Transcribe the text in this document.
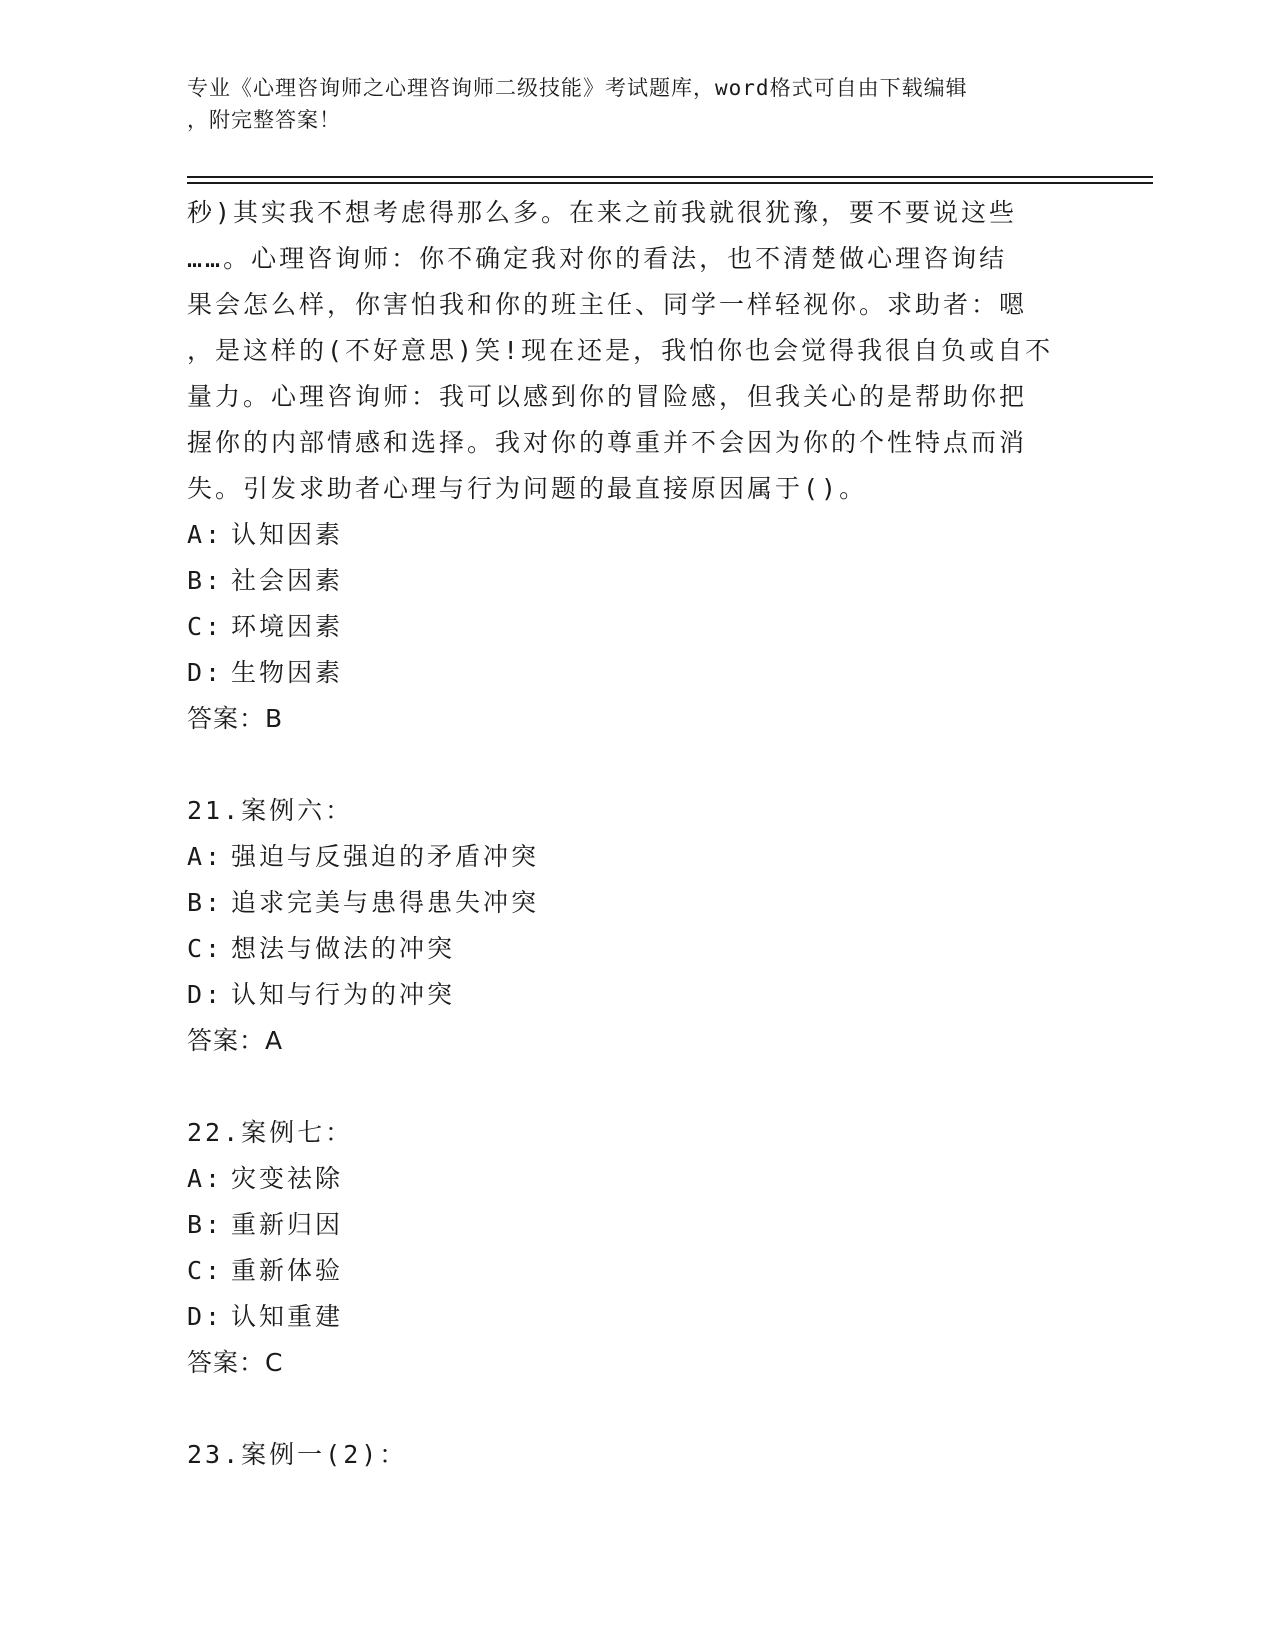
专业《心理咨询师之心理咨询师二级技能》考试题库，word格式可自由下载编辑
，附完整答案！

秒)其实我不想考虑得那么多。在来之前我就很犹豫，要不要说这些

……。心理咨询师：你不确定我对你的看法，也不清楚做心理咨询结

果会怎么样，你害怕我和你的班主任、同学一样轻视你。求助者：嗯

，是这样的(不好意思)笑!现在还是，我怕你也会觉得我很自负或自不

量力。心理咨询师：我可以感到你的冒险感，但我关心的是帮助你把

握你的内部情感和选择。我对你的尊重并不会因为你的个性特点而消

失。引发求助者心理与行为问题的最直接原因属于()。

A: 认知因素

B: 社会因素

C: 环境因素

D: 生物因素

答案：B

21.案例六：

A: 强迫与反强迫的矛盾冲突

B: 追求完美与患得患失冲突

C: 想法与做法的冲突

D: 认知与行为的冲突

答案：A

22.案例七：

A: 灾变祛除

B: 重新归因

C: 重新体验

D: 认知重建

答案：C

23.案例一(2)：
